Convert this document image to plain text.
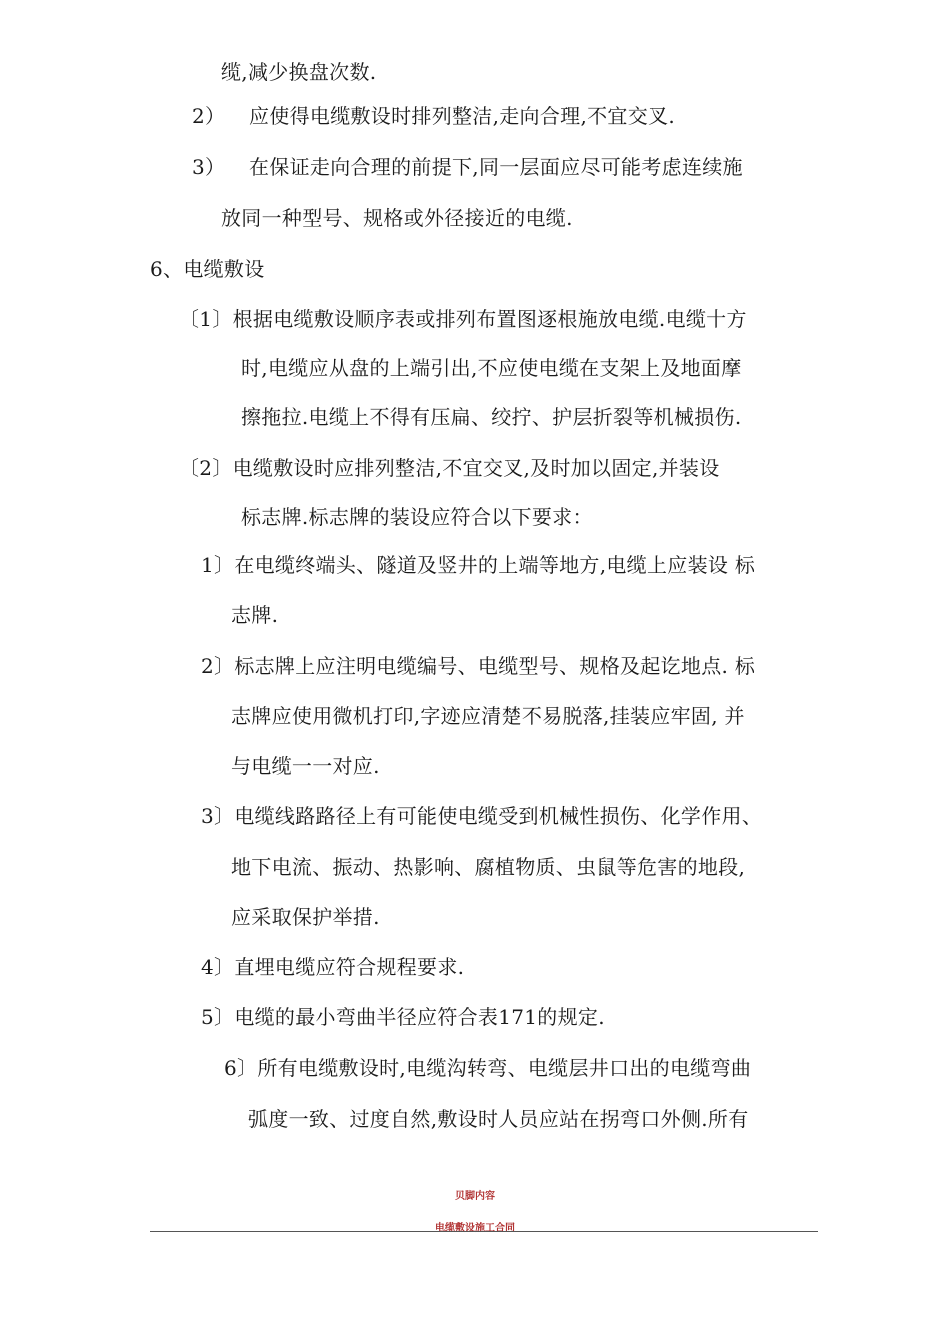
缆,减少换盘次数.
2） 应使得电缆敷设时排列整洁,走向合理,不宜交叉.
3） 在保证走向合理的前提下,同一层面应尽可能考虑连续施
放同一种型号、规格或外径接近的电缆.
6、电缆敷设
〔1〕根据电缆敷设顺序表或排列布置图逐根施放电缆.电缆十方
时,电缆应从盘的上端引出,不应使电缆在支架上及地面摩
擦拖拉.电缆上不得有压扁、绞拧、护层折裂等机械损伤.
〔2〕电缆敷设时应排列整洁,不宜交叉,及时加以固定,并装设
标志牌.标志牌的装设应符合以下要求：
1〕在电缆终端头、隧道及竖井的上端等地方,电缆上应装设 标
志牌.
2〕标志牌上应注明电缆编号、电缆型号、规格及起讫地点. 标
志牌应使用微机打印,字迹应清楚不易脱落,挂装应牢固, 并
与电缆一一对应.
3〕电缆线路路径上有可能使电缆受到机械性损伤、化学作用、
地下电流、振动、热影响、腐植物质、虫鼠等危害的地段,
应采取保护举措.
4〕直埋电缆应符合规程要求.
5〕电缆的最小弯曲半径应符合表171的规定.
6〕所有电缆敷设时,电缆沟转弯、电缆层井口出的电缆弯曲
弧度一致、过度自然,敷设时人员应站在拐弯口外侧.所有
贝脚内容
电缆敷设施工合同
